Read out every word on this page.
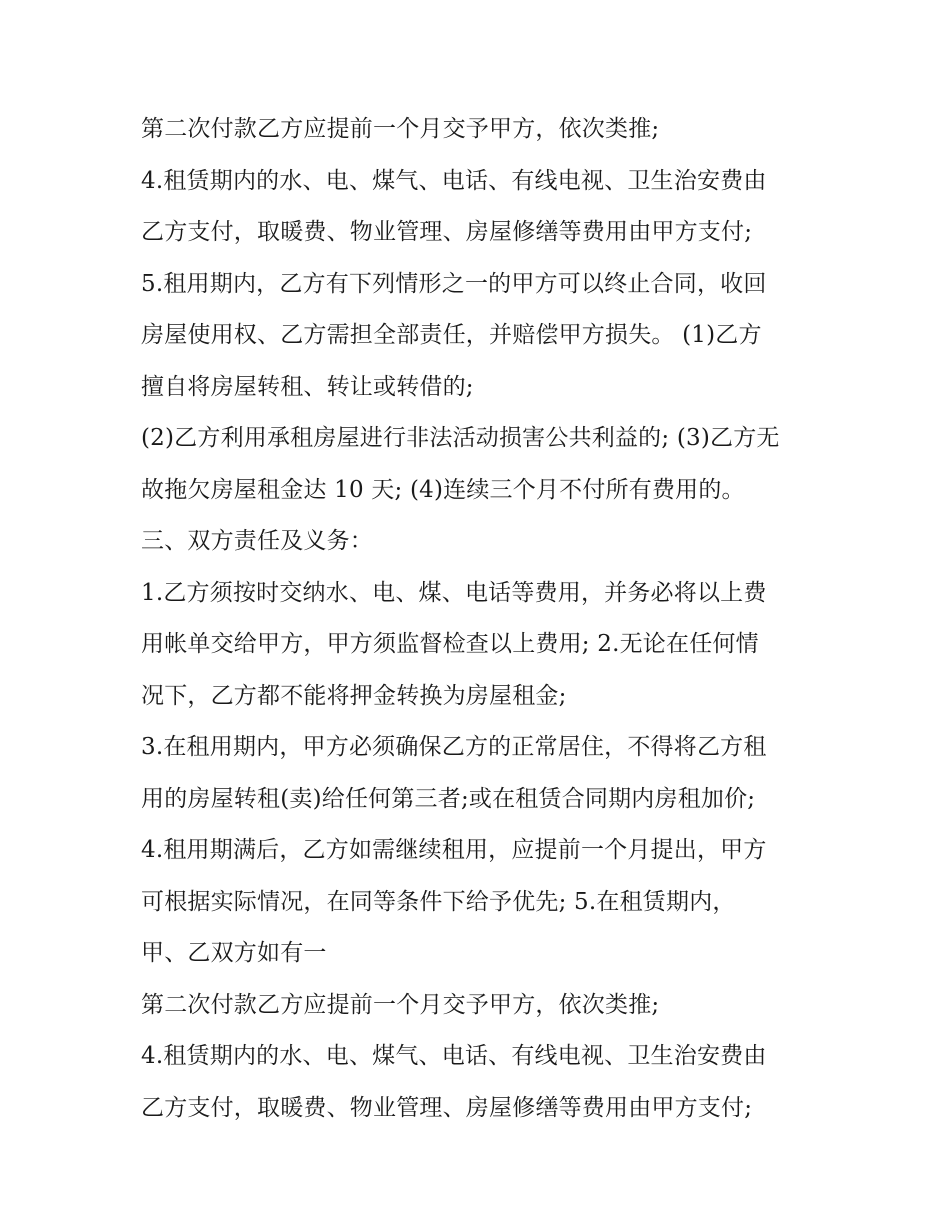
第二次付款乙方应提前一个月交予甲方，依次类推;
4.租赁期内的水、电、煤气、电话、有线电视、卫生治安费由
乙方支付，取暖费、物业管理、房屋修缮等费用由甲方支付;
5.租用期内，乙方有下列情形之一的甲方可以终止合同，收回
房屋使用权、乙方需担全部责任，并赔偿甲方损失。 (1)乙方
擅自将房屋转租、转让或转借的;
(2)乙方利用承租房屋进行非法活动损害公共利益的; (3)乙方无
故拖欠房屋租金达 10 天; (4)连续三个月不付所有费用的。
三、双方责任及义务：
1.乙方须按时交纳水、电、煤、电话等费用，并务必将以上费
用帐单交给甲方，甲方须监督检查以上费用; 2.无论在任何情
况下，乙方都不能将押金转换为房屋租金;
3.在租用期内，甲方必须确保乙方的正常居住，不得将乙方租
用的房屋转租(卖)给任何第三者;或在租赁合同期内房租加价;
4.租用期满后，乙方如需继续租用，应提前一个月提出，甲方
可根据实际情况，在同等条件下给予优先; 5.在租赁期内，
甲、乙双方如有一
第二次付款乙方应提前一个月交予甲方，依次类推;
4.租赁期内的水、电、煤气、电话、有线电视、卫生治安费由
乙方支付，取暖费、物业管理、房屋修缮等费用由甲方支付;
